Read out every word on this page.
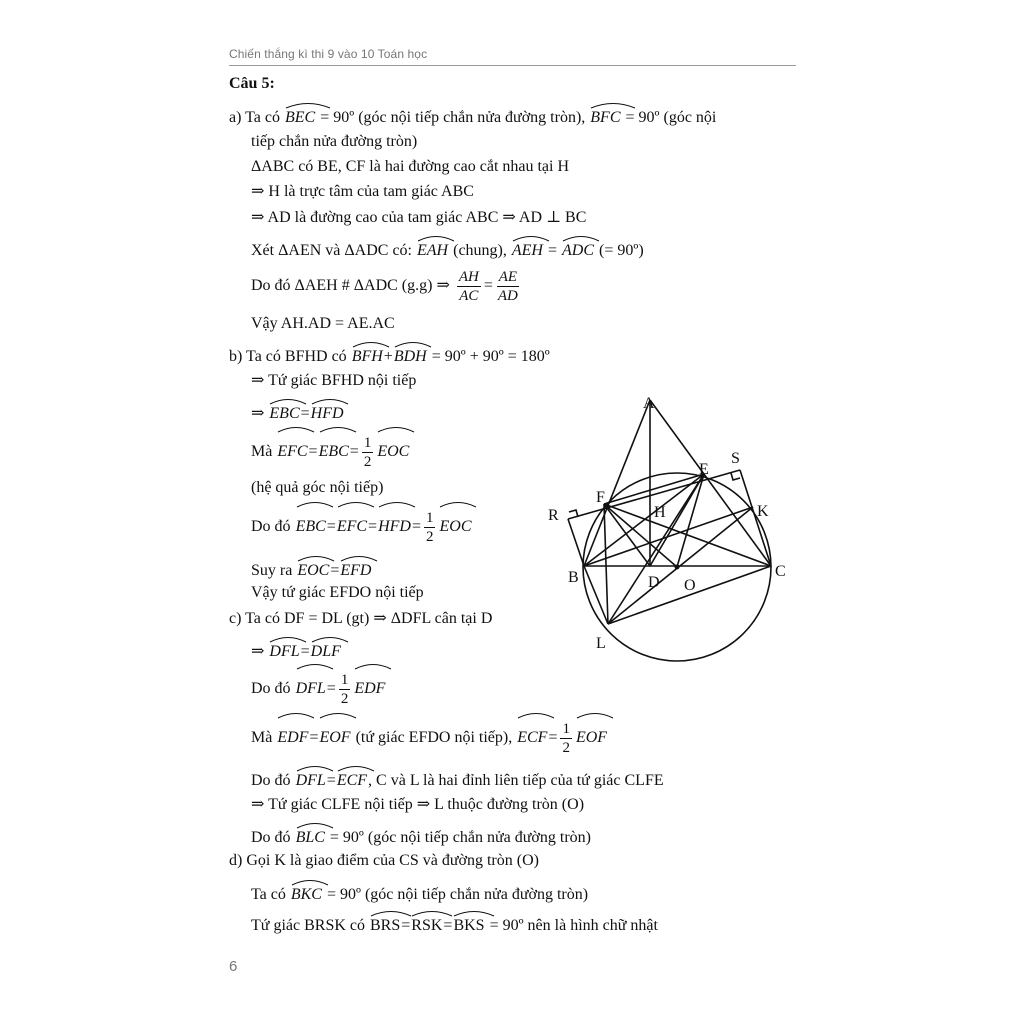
Chiến thắng kì thi 9 vào 10 Toán học
Câu 5:
a) Ta có BEC = 90º (góc nội tiếp chắn nửa đường tròn), BFC = 90º (góc nội
tiếp chắn nửa đường tròn)
ΔABC có BE, CF là hai đường cao cắt nhau tại H
⇒ H là trực tâm của tam giác ABC
⇒ AD là đường cao của tam giác ABC ⇒ AD ⊥ BC
Xét ΔAEN và ΔADC có: EAH (chung), AEH = ADC (= 90º)
Do đó ΔAEH # ΔADC (g.g) ⇒ $\frac{AH}{AC} = \frac{AE}{AD}$
Vậy AH.AD = AE.AC
b) Ta có BFHD có BFH+
BDH = 90º + 90º = 180º
⇒ Tứ giác BFHD nội tiếp
⇒ EBC=
HFD
Mà EFC=
$EBC= \frac{1}{2}$ EOC
(hệ quả góc nội tiếp)
Do đó EBC=
EFC=
$HFD= \frac{1}{2}$ EOC
Suy ra EOC=
EFD
Vậy tứ giác EFDO nội tiếp
c) Ta có DF = DL (gt) ⇒ ΔDFL cân tại D
⇒ DFL=
DLF
Do đó $DFL= \frac{1}{2}$ EDF
Mà EDF=
EOF (tứ giác EFDO nội tiếp), $ECF= \frac{1}{2}$ EOF
Do đó DFL=
ECF, C và L là hai đỉnh liên tiếp của tứ giác CLFE
⇒ Tứ giác CLFE nội tiếp ⇒ L thuộc đường tròn (O)
Do đó BLC = 90º (góc nội tiếp chắn nửa đường tròn)
d) Gọi K là giao điểm của CS và đường tròn (O)
Ta có BKC = 90º (góc nội tiếp chắn nửa đường tròn)
Tứ giác BRSK có BRS=
RSK=
BKS = 90º nên là hình chữ nhật
A
E
S
F
H	K
R
B	D O
C
L
6
